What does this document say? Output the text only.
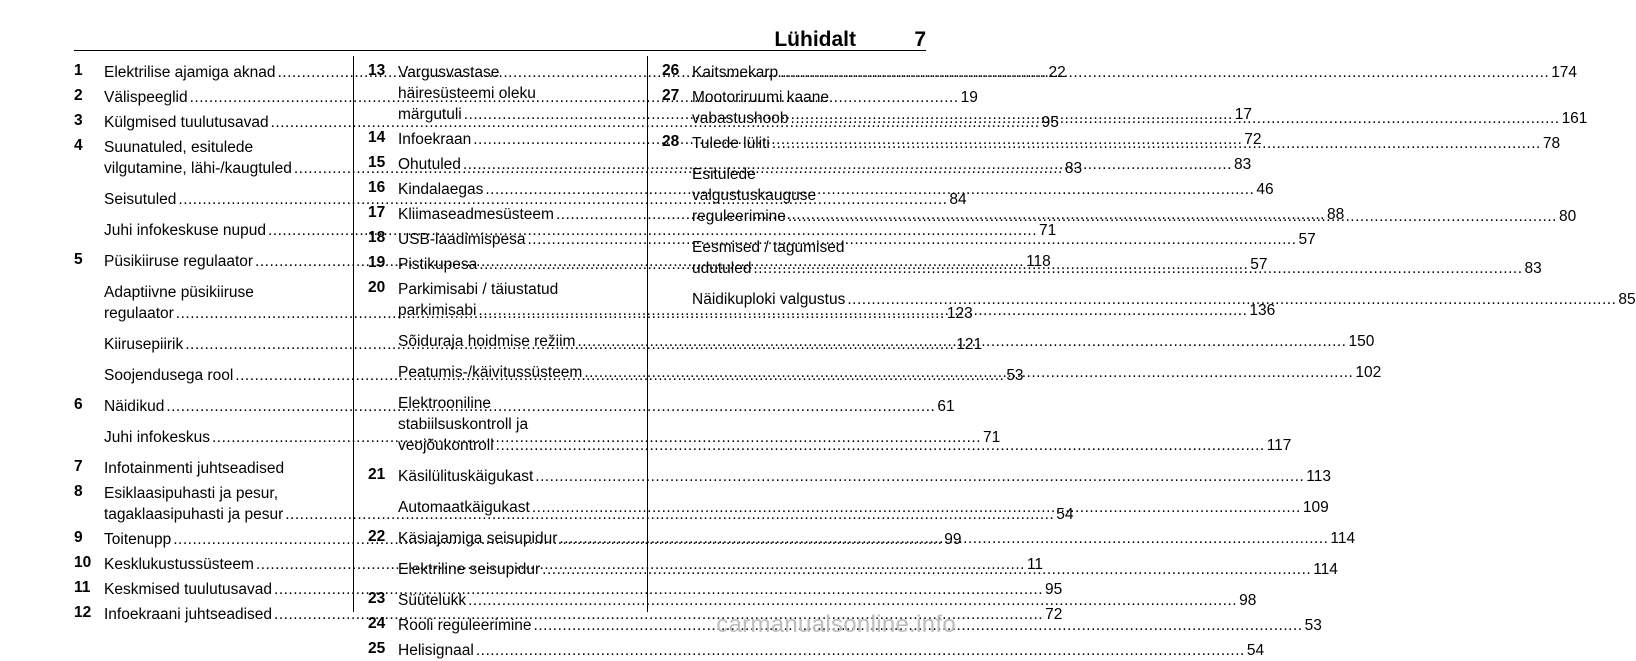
Lühidalt	7
1	Elektrilise ajamiga aknad .....	22
2	Välispeeglid .....	19
3	Külgmised tuulutusavad .....	95
4	Suunatuled, esitulede
vilgutamine, lähi-/kaugtuled .....	83
Seisutuled .....	84
Juhi infokeskuse nupud .....	71
5	Püsikiiruse regulaator .....	118
Adaptiivne püsikiiruse
regulaator .....	123
Kiirusepiirik .....	121
Soojendusega rool .....	53
6	Näidikud .....	61
Juhi infokeskus .....	71
7	Infotainmenti juhtseadised
8	Esiklaasipuhasti ja pesur,
tagaklaasipuhasti ja pesur .....	54
9	Toitenupp .....	99
10 Kesklukustussüsteem .....	11
11 Keskmised tuulutusavad .....	95
12 Infoekraani juhtseadised .....	72
13 Vargusvastase
häiresüsteemi oleku
märgutuli .....	17
14 Infoekraan .....	72
15 Ohutuled .....	83
16 Kindalaegas .....	46
17 Kliimaseadmesüsteem .....	88
18 USB-laadimispesa .....	57
19 Pistikupesa .....	57
20 Parkimisabi / täiustatud
parkimisabi .....	136
Sõiduraja hoidmise režiim .....	150
Peatumis-/käivitussüsteem .....	102
Elektrooniline
stabiilsuskontroll ja
veojõukontroll .....	117
21 Käsilülituskäigukast .....	113
Automaatkäigukast .....	109
22 Käsiajamiga seisupidur .....	114
Elektriline seisupidur .....	114
23 Süütelukk .....	98
24 Rooli reguleerimine .....	53
25 Helisignaal .....	54
26 Kaitsmekarp .....	174
27 Mootoriruumi kaane
vabastushoob .....	161
28 Tulede lüliti .....	78
Esitulede
valgustuskauguse
reguleerimine .....	80
Eesmised / tagumised
udutuled .....	83
Näidikuploki valgustus .....	85
carmanualsonline.info
